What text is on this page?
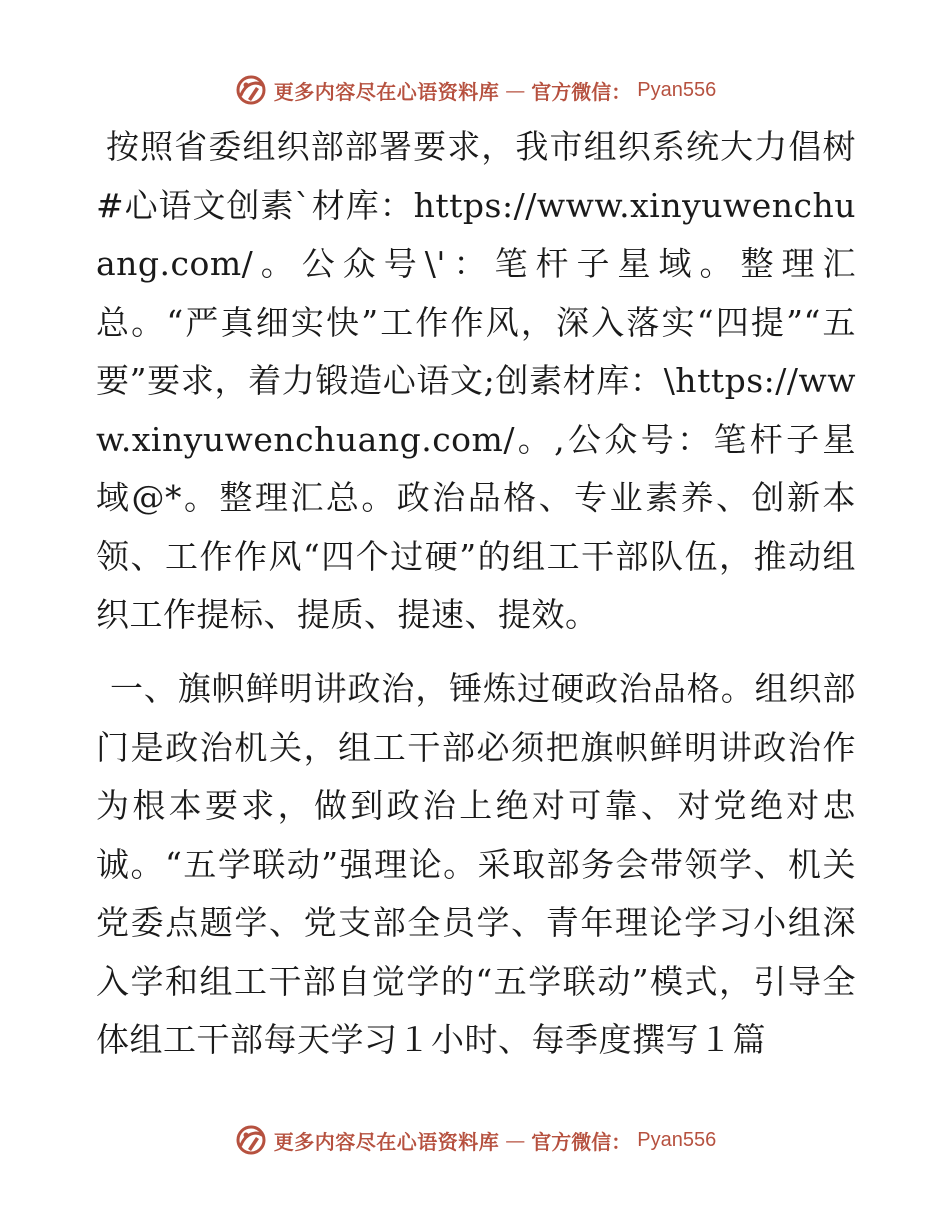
更多内容尽在心语资料库 — 官方微信： Pyan556

按照省委组织部部署要求，我市组织系统大力倡树#心语文创素`材库：https://www.xinyuwenchuang.com/。公众号\'：笔杆子星域。整理汇总。“严真细实快”工作作风，深入落实“四提”“五要”要求，着力锻造心语文;创素材库：\https://www.xinyuwenchuang.com/。,公众号：笔杆子星域@*。整理汇总。政治品格、专业素养、创新本领、工作作风“四个过硬”的组工干部队伍，推动组织工作提标、提质、提速、提效。

一、旗帜鲜明讲政治，锤炼过硬政治品格。组织部门是政治机关，组工干部必须把旗帜鲜明讲政治作为根本要求，做到政治上绝对可靠、对党绝对忠诚。“五学联动”强理论。采取部务会带领学、机关党委点题学、党支部全员学、青年理论学习小组深入学和组工干部自觉学的“五学联动”模式，引导全体组工干部每天学习１小时、每季度撰写１篇

更多内容尽在心语资料库 — 官方微信： Pyan556
